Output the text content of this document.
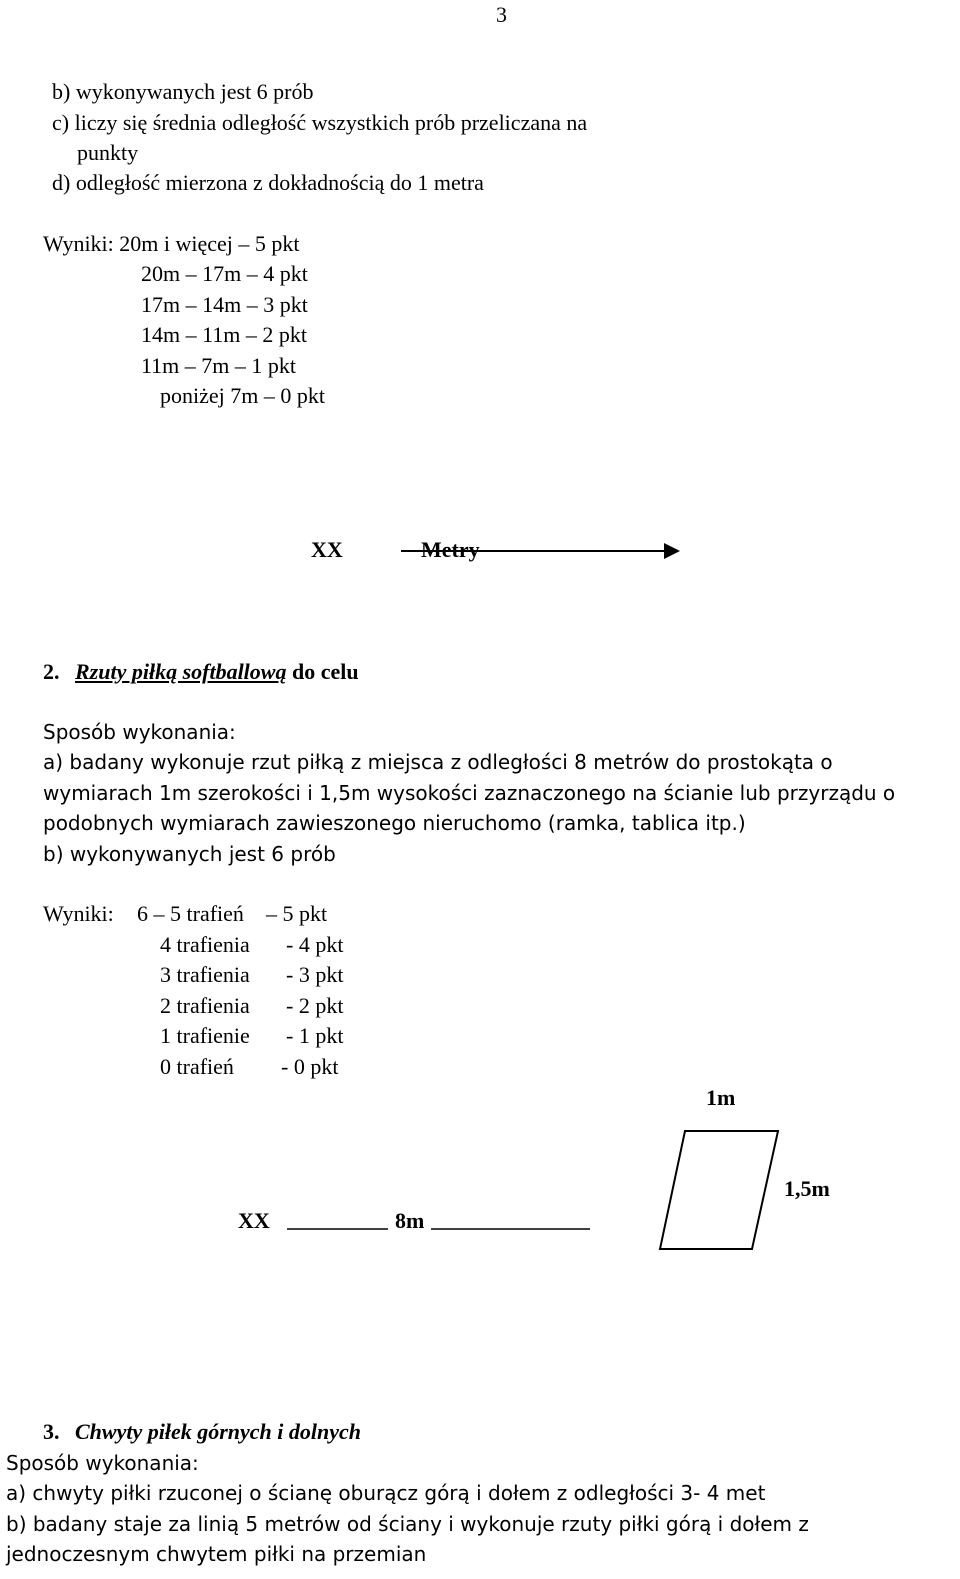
3
b) wykonywanych jest 6 prób
c) liczy się średnia odległość wszystkich prób przeliczana na
punkty
d) odległość mierzona z dokładnością do 1 metra
Wyniki: 20m i więcej – 5 pkt
20m – 17m – 4 pkt
17m – 14m – 3 pkt
14m – 11m – 2 pkt
11m – 7m – 1 pkt
poniżej 7m – 0 pkt
XX	Metry
2. Rzuty piłką softballową do celu
Sposób wykonania:
a) badany wykonuje rzut piłką z miejsca z odległości 8 metrów do prostokąta o
wymiarach 1m szerokości i 1,5m wysokości zaznaczonego na ścianie lub przyrządu o
podobnych wymiarach zawieszonego nieruchomo (ramka, tablica itp.)
b) wykonywanych jest 6 prób
Wyniki: 6 – 5 trafień – 5 pkt
4 trafienia - 4 pkt
3 trafienia - 3 pkt
2 trafienia - 2 pkt
1 trafienie - 1 pkt
0 trafień - 0 pkt
1m
1,5m
XX	8m
3. Chwyty piłek górnych i dolnych
Sposób wykonania:
a) chwyty piłki rzuconej o ścianę oburącz górą i dołem z odległości 3- 4 met
b) badany staje za linią 5 metrów od ściany i wykonuje rzuty piłki górą i dołem z
jednoczesnym chwytem piłki na przemian
